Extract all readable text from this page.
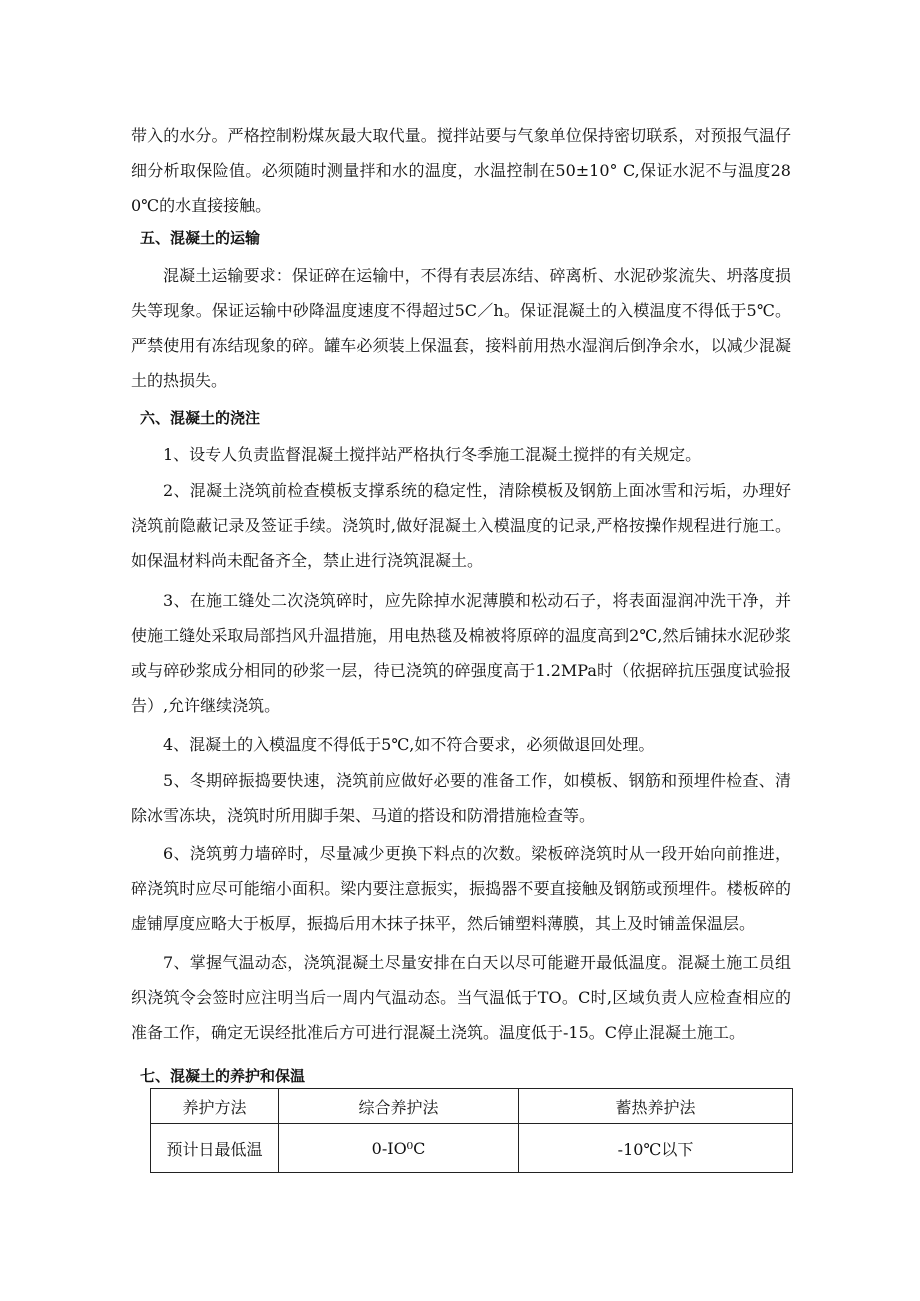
带入的水分。严格控制粉煤灰最大取代量。搅拌站要与气象单位保持密切联系，对预报气温仔细分析取保险值。必须随时测量拌和水的温度，水温控制在50±10° C,保证水泥不与温度280℃的水直接接触。

五、混凝土的运输

混凝土运输要求：保证碎在运输中，不得有表层冻结、碎离析、水泥砂浆流失、坍落度损失等现象。保证运输中砂降温度速度不得超过5C／h。保证混凝土的入模温度不得低于5℃。严禁使用有冻结现象的碎。罐车必须装上保温套，接料前用热水湿润后倒净余水，以减少混凝土的热损失。

六、混凝土的浇注

1、设专人负责监督混凝土搅拌站严格执行冬季施工混凝土搅拌的有关规定。

2、混凝土浇筑前检查模板支撑系统的稳定性，清除模板及钢筋上面冰雪和污垢，办理好浇筑前隐蔽记录及签证手续。浇筑时,做好混凝土入模温度的记录,严格按操作规程进行施工。如保温材料尚未配备齐全，禁止进行浇筑混凝土。

3、在施工缝处二次浇筑碎时，应先除掉水泥薄膜和松动石子，将表面湿润冲洗干净，并使施工缝处采取局部挡风升温措施，用电热毯及棉被将原碎的温度高到2℃,然后铺抹水泥砂浆或与碎砂浆成分相同的砂浆一层，待已浇筑的碎强度高于1.2MPa时（依据碎抗压强度试验报告）,允许继续浇筑。

4、混凝土的入模温度不得低于5℃,如不符合要求，必须做退回处理。

5、冬期碎振捣要快速，浇筑前应做好必要的准备工作，如模板、钢筋和预埋件检查、清除冰雪冻块，浇筑时所用脚手架、马道的搭设和防滑措施检查等。

6、浇筑剪力墙碎时，尽量减少更换下料点的次数。梁板碎浇筑时从一段开始向前推进，碎浇筑时应尽可能缩小面积。梁内要注意振实，振捣器不要直接触及钢筋或预埋件。楼板碎的虚铺厚度应略大于板厚，振捣后用木抹子抹平，然后铺塑料薄膜，其上及时铺盖保温层。

7、掌握气温动态，浇筑混凝土尽量安排在白天以尽可能避开最低温度。混凝土施工员组织浇筑令会签时应注明当后一周内气温动态。当气温低于TO。C时,区域负责人应检查相应的准备工作，确定无误经批准后方可进行混凝土浇筑。温度低于-15。C停止混凝土施工。

七、混凝土的养护和保温
养护方法	综合养护法	蓄热养护法
预计日最低温	0-IO⁰C	-10℃以下
